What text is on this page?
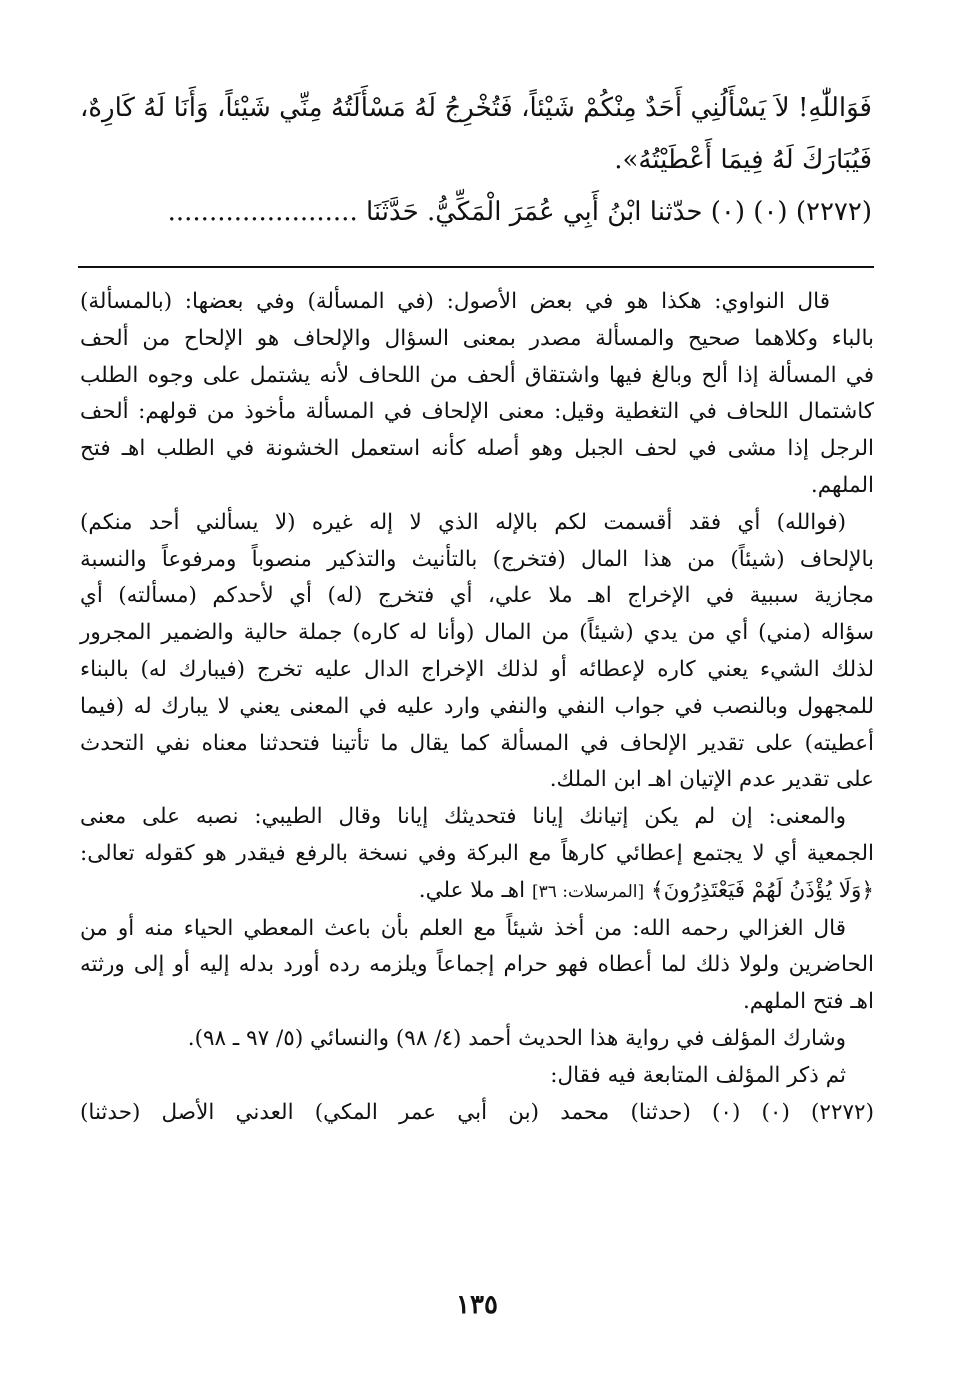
فَوَاللّٰهِ! لاَ يَسْأَلُنِي أَحَدٌ مِنْكُمْ شَيْئاً، فَتُخْرِجُ لَهُ مَسْأَلَتُهُ مِنِّي شَيْئاً، وَأَنَا لَهُ كَارِهٌ،
فَيُبَارَكَ لَهُ فِيمَا أَعْطَيْتُهُ».
(٢٢٧٢) (٠) (٠) حدّثنا ابْنُ أَبِي عُمَرَ الْمَكِّيُّ. حَدَّثَنَا .......................
قال النواوي: هكذا هو في بعض الأصول: (في المسألة) وفي بعضها: (بالمسألة)
بالباء وكلاهما صحيح والمسألة مصدر بمعنى السؤال والإلحاف هو الإلحاح من ألحف
في المسألة إذا ألح وبالغ فيها واشتقاق ألحف من اللحاف لأنه يشتمل على وجوه الطلب
كاشتمال اللحاف في التغطية وقيل: معنى الإلحاف في المسألة مأخوذ من قولهم: ألحف
الرجل إذا مشى في لحف الجبل وهو أصله كأنه استعمل الخشونة في الطلب اهـ فتح
الملهم.
(فوالله) أي فقد أقسمت لكم بالإله الذي لا إله غيره (لا يسألني أحد منكم)
بالإلحاف (شيئاً) من هذا المال (فتخرج) بالتأنيث والتذكير منصوباً ومرفوعاً والنسبة
مجازية سببية في الإخراج اهـ ملا علي، أي فتخرج (له) أي لأحدكم (مسألته) أي
سؤاله (مني) أي من يدي (شيئاً) من المال (وأنا له كاره) جملة حالية والضمير المجرور
لذلك الشيء يعني كاره لإعطائه أو لذلك الإخراج الدال عليه تخرج (فيبارك له) بالبناء
للمجهول وبالنصب في جواب النفي والنفي وارد عليه في المعنى يعني لا يبارك له (فيما
أعطيته) على تقدير الإلحاف في المسألة كما يقال ما تأتينا فتحدثنا معناه نفي التحدث
على تقدير عدم الإتيان اهـ ابن الملك.
والمعنى: إن لم يكن إتيانك إيانا فتحديثك إيانا وقال الطيبي: نصبه على معنى
الجمعية أي لا يجتمع إعطائي كارهاً مع البركة وفي نسخة بالرفع فيقدر هو كقوله تعالى:
﴿وَلَا يُؤْذَنُ لَهُمْ فَيَعْتَذِرُونَ﴾ [المرسلات: ٣٦] اهـ ملا علي.
قال الغزالي رحمه الله: من أخذ شيئاً مع العلم بأن باعث المعطي الحياء منه أو من
الحاضرين ولولا ذلك لما أعطاه فهو حرام إجماعاً ويلزمه رده أورد بدله إليه أو إلى ورثته
اهـ فتح الملهم.
وشارك المؤلف في رواية هذا الحديث أحمد (٤/ ٩٨) والنسائي (٥/ ٩٧ ـ ٩٨).
ثم ذكر المؤلف المتابعة فيه فقال:
(٢٢٧٢) (٠) (٠) (حدثنا) محمد (بن أبي عمر المكي) العدني الأصل (حدثنا)
١٣٥
